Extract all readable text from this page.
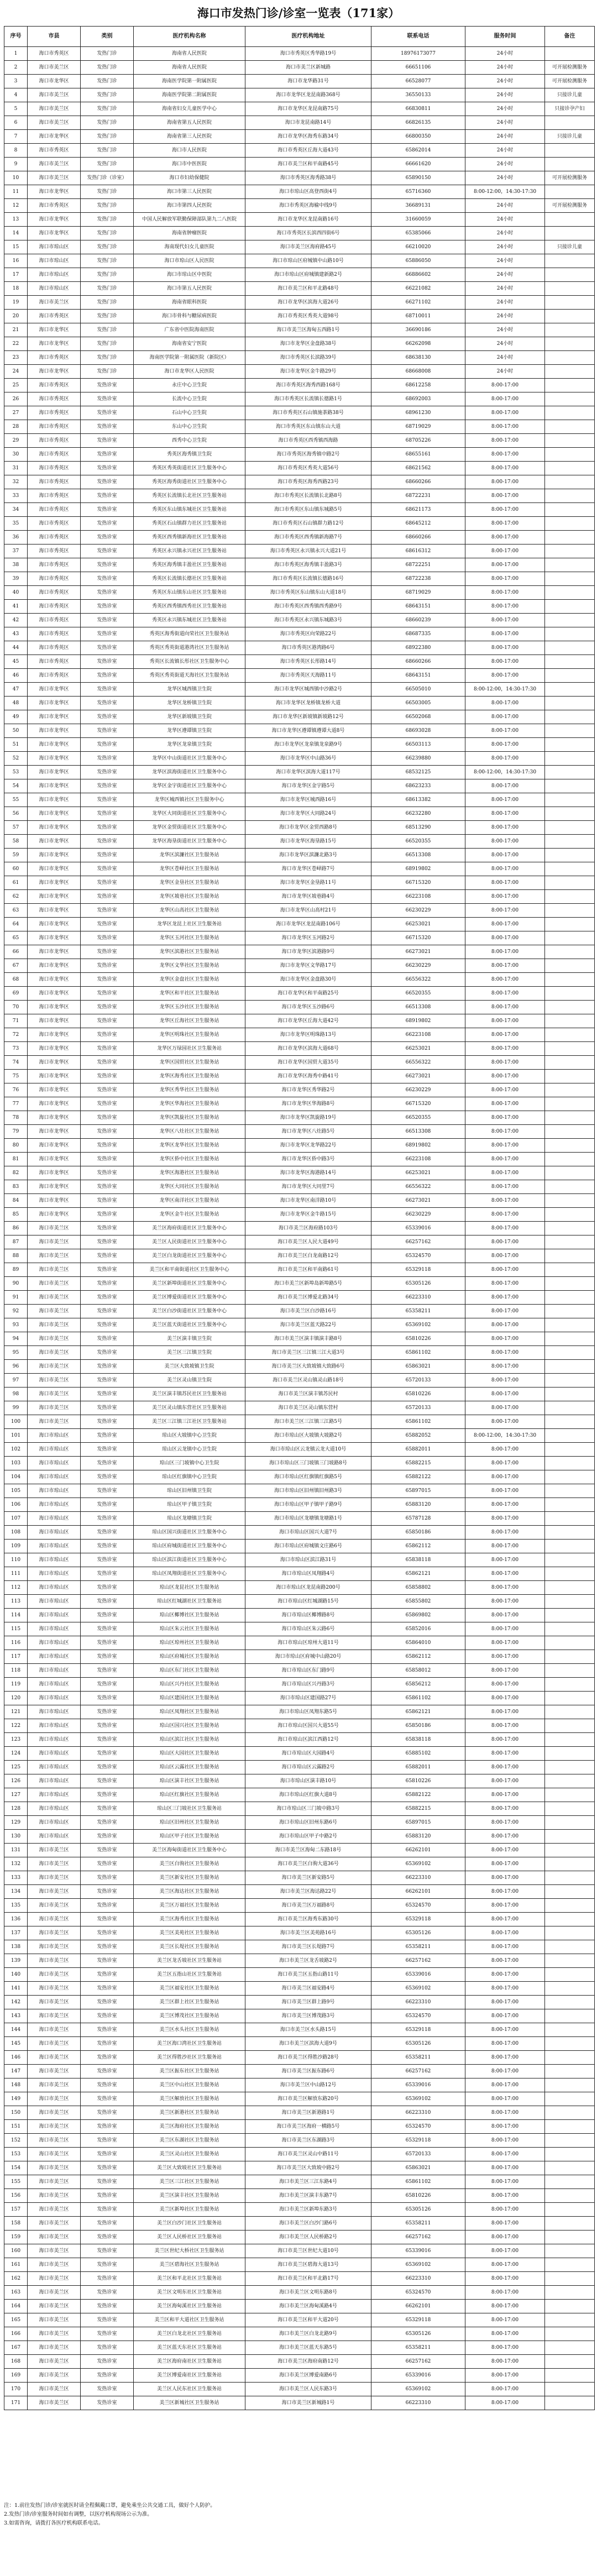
海口市发热门诊/诊室一览表（171家）
序号	市县	类别	医疗机构名称	医疗机构地址	联系电话	服务时间	备注
1	海口市秀英区	发热门诊	海南省人民医院	海口市秀英区秀华路19号	18976173077	24小时	
2	海口市美兰区	发热门诊	海南省人民医院	海口市美兰区新城路	66651106	24小时	可开展检测服务
3	海口市龙华区	发热门诊	海南医学院第一附属医院	海口市龙华路31号	66528077	24小时	可开展检测服务
4	海口市美兰区	发热门诊	海南医学院第二附属医院	海口市龙华区龙昆南路368号	36550133	24小时	只接诊儿童
5	海口市美兰区	发热门诊	海南省妇女儿童医学中心	海口市龙华区龙昆南路75号	66830811	24小时	只接诊孕产妇
6	海口市美兰区	发热门诊	海南省第五人民医院	海口市龙昆南路14号	66826135	24小时	
7	海口市龙华区	发热门诊	海南省第三人民医院	海口市龙华区海秀东路34号	66800350	24小时	只接诊儿童
8	海口市秀英区	发热门诊	海口市人民医院	海口市秀英区丘海大道43号	65862014	24小时	
9	海口市美兰区	发热门诊	海口市中医医院	海口市美兰区和平南路45号	66661620	24小时	
10	海口市美兰区	发热门诊（诊室）	海口市妇幼保健院	海口市秀英区海秀路38号	65890150	24小时	可开展检测服务
11	海口市龙华区	发热门诊	海口市第三人民医院	海口市琼山区高登西街4号	65716360	8:00-12:00，14:30-17:30	
12	海口市秀英区	发热门诊	海口市第四人民医院	海口市秀英区海榆中线9号	36689131	24小时	可开展检测服务
13	海口市龙华区	发热门诊	中国人民解放军联勤保障部队第九二八医院	海口市龙华区龙昆南路16号	31660059	24小时	
14	海口市龙华区	发热门诊	海南省肿瘤医院	海口市秀英区长滨西四街6号	65385066	24小时	
15	海口市琼山区	发热门诊	海南现代妇女儿童医院	海口市美兰区海府路45号	66210020	24小时	只接诊儿童
16	海口市琼山区	发热门诊	海口市琼山区人民医院	海口市琼山区府城镇中山路10号	65886050	24小时	
17	海口市琼山区	发热门诊	海口市琼山区中医院	海口市琼山区府城镇建新路2号	66886602	24小时	
18	海口市琼山区	发热门诊	海口市第五人民医院	海口市美兰区和平北路48号	66221082	24小时	
19	海口市美兰区	发热门诊	海南省眼科医院	海口市龙华区滨海大道26号	66271102	24小时	
20	海口市秀英区	发热门诊	海口市骨科与糖尿病医院	海口市秀英区秀英大道98号	68710011	24小时	
21	海口市龙华区	发热门诊	广东省中医院海南医院	海口市美兰区海甸五西路1号	36690186	24小时	
22	海口市龙华区	发热门诊	海南省安宁医院	海口市龙华区金盘路38号	66262098	24小时	
23	海口市秀英区	发热门诊	海南医学院第一附属医院（新院区）	海口市秀英区长滨路39号	68638130	24小时	
24	海口市龙华区	发热门诊	海口市龙华区人民医院	海口市龙华区金牛路29号	68668008	24小时	
25	海口市秀英区	发热诊室	永庄中心卫生院	海口市秀英区海秀西路168号	68612258	8:00-17:00	
26	海口市秀英区	发热诊室	长流中心卫生院	海口市秀英区长流镇长德路1号	68692003	8:00-17:00	
27	海口市秀英区	发热诊室	石山中心卫生院	海口市秀英区石山镇施茶路38号	68961230	8:00-17:00	
28	海口市秀英区	发热诊室	东山中心卫生院	海口市秀英区东山镇东山大道	68719029	8:00-17:00	
29	海口市秀英区	发热诊室	西秀中心卫生院	海口市秀英区西秀镇西海路	68705226	8:00-17:00	
30	海口市秀英区	发热诊室	秀英区海秀镇卫生院	海口市秀英区海秀镇中路2号	68655161	8:00-17:00	
31	海口市秀英区	发热诊室	秀英区秀英街道社区卫生服务中心	海口市秀英区秀英大道56号	68621562	8:00-17:00	
32	海口市秀英区	发热诊室	秀英区海秀街道社区卫生服务中心	海口市秀英区海秀西路23号	68660266	8:00-17:00	
33	海口市秀英区	发热诊室	秀英区长流镇长北社区卫生服务站	海口市秀英区长流镇长北路8号	68722231	8:00-17:00	
34	海口市秀英区	发热诊室	秀英区东山镇东城社区卫生服务站	海口市秀英区东山镇东城路5号	68621173	8:00-17:00	
35	海口市秀英区	发热诊室	秀英区石山镇群力社区卫生服务站	海口市秀英区石山镇群力路12号	68645212	8:00-17:00	
36	海口市秀英区	发热诊室	秀英区西秀镇新海社区卫生服务站	海口市秀英区西秀镇新海路7号	68660266	8:00-17:00	
37	海口市秀英区	发热诊室	秀英区永兴镇永兴社区卫生服务站	海口市秀英区永兴镇永兴大道21号	68616312	8:00-17:00	
38	海口市秀英区	发热诊室	秀英区海秀镇丰盈社区卫生服务站	海口市秀英区海秀镇丰盈路3号	68722251	8:00-17:00	
39	海口市秀英区	发热诊室	秀英区长流镇长德社区卫生服务站	海口市秀英区长流镇长德路16号	68722238	8:00-17:00	
40	海口市秀英区	发热诊室	秀英区东山镇东山社区卫生服务站	海口市秀英区东山镇东山大道18号	68719029	8:00-17:00	
41	海口市秀英区	发热诊室	秀英区西秀镇西秀社区卫生服务站	海口市秀英区西秀镇西秀路9号	68643151	8:00-17:00	
42	海口市秀英区	发热诊室	秀英区永兴镇东城社区卫生服务站	海口市秀英区永兴镇东城路3号	68660239	8:00-17:00	
43	海口市秀英区	发热诊室	秀英区海秀街道向荣社区卫生服务站	海口市秀英区向荣路22号	68687335	8:00-17:00	
44	海口市秀英区	发热诊室	秀英区秀英街道港湾社区卫生服务站	海口市秀英区港湾路6号	68922380	8:00-17:00	
45	海口市秀英区	发热诊室	秀英区长流镇长彤社区卫生服务中心	海口市秀英区长彤路14号	68660266	8:00-17:00	
46	海口市秀英区	发热诊室	秀英区秀英街道天海社区卫生服务站	海口市秀英区天海路11号	68643151	8:00-17:00	
47	海口市龙华区	发热诊室	龙华区城西镇卫生院	海口市龙华区城西镇中沙路2号	66505010	8:00-12:00，14:30-17:30	
48	海口市龙华区	发热诊室	龙华区龙桥镇卫生院	海口市龙华区龙桥镇龙桥大道	66503005	8:00-17:00	
49	海口市龙华区	发热诊室	龙华区新坡镇卫生院	海口市龙华区新坡镇新坡路12号	66502068	8:00-17:00	
50	海口市龙华区	发热诊室	龙华区遵谭镇卫生院	海口市龙华区遵谭镇遵谭大道8号	68693028	8:00-17:00	
51	海口市龙华区	发热诊室	龙华区龙泉镇卫生院	海口市龙华区龙泉镇龙泉路9号	66503113	8:00-17:00	
52	海口市龙华区	发热诊室	龙华区中山街道社区卫生服务中心	海口市龙华区中山路36号	66239880	8:00-17:00	
53	海口市龙华区	发热诊室	龙华区滨海街道社区卫生服务中心	海口市龙华区滨海大道117号	68532125	8:00-12:00，14:30-17:30	
54	海口市龙华区	发热诊室	龙华区金宇街道社区卫生服务中心	海口市龙华区金宇路5号	68623233	8:00-17:00	
55	海口市龙华区	发热诊室	龙华区城西镇社区卫生服务中心	海口市龙华区城西路16号	68613382	8:00-17:00	
56	海口市龙华区	发热诊室	龙华区大同街道社区卫生服务中心	海口市龙华区大同路24号	66232280	8:00-17:00	
57	海口市龙华区	发热诊室	龙华区金贸街道社区卫生服务中心	海口市龙华区金贸西路8号	68513290	8:00-17:00	
58	海口市龙华区	发热诊室	龙华区海垦街道社区卫生服务中心	海口市龙华区海垦路15号	66520355	8:00-17:00	
59	海口市龙华区	发热诊室	龙华区滨濂社区卫生服务站	海口市龙华区滨濂北路3号	66513308	8:00-17:00	
60	海口市龙华区	发热诊室	龙华区苍峄社区卫生服务站	海口市龙华区苍峄路7号	68919802	8:00-17:00	
61	海口市龙华区	发热诊室	龙华区金垦社区卫生服务站	海口市龙华区金垦路11号	66715320	8:00-17:00	
62	海口市龙华区	发热诊室	龙华区坡巷社区卫生服务站	海口市龙华区坡巷路4号	66223108	8:00-17:00	
63	海口市龙华区	发热诊室	龙华区山高社区卫生服务站	海口市龙华区山高村21号	66230229	8:00-17:00	
64	海口市龙华区	发热诊室	龙华区龙昆上社区卫生服务站	海口市龙华区龙昆南路106号	66253021	8:00-17:00	
65	海口市龙华区	发热诊室	龙华区玉河社区卫生服务站	海口市龙华区玉河路2号	66715320	8:00-17:00	
66	海口市龙华区	发热诊室	龙华区滨港社区卫生服务站	海口市龙华区滨港路9号	66273021	8:00-17:00	
67	海口市龙华区	发热诊室	龙华区文华社区卫生服务站	海口市龙华区文华路17号	66230229	8:00-17:00	
68	海口市龙华区	发热诊室	龙华区金盘社区卫生服务站	海口市龙华区金盘路30号	66556322	8:00-17:00	
69	海口市龙华区	发热诊室	龙华区和平社区卫生服务站	海口市龙华区和平南路25号	66520355	8:00-17:00	
70	海口市龙华区	发热诊室	龙华区玉沙社区卫生服务站	海口市龙华区玉沙路6号	66513308	8:00-17:00	
71	海口市龙华区	发热诊室	龙华区丘海社区卫生服务站	海口市龙华区丘海大道42号	68919802	8:00-17:00	
72	海口市龙华区	发热诊室	龙华区明珠社区卫生服务站	海口市龙华区明珠路13号	66223108	8:00-17:00	
73	海口市龙华区	发热诊室	龙华区万绿园社区卫生服务站	海口市龙华区滨海大道68号	66253021	8:00-17:00	
74	海口市龙华区	发热诊室	龙华区国贸社区卫生服务站	海口市龙华区国贸大道35号	66556322	8:00-17:00	
75	海口市龙华区	发热诊室	龙华区海秀社区卫生服务站	海口市龙华区海秀中路41号	66273021	8:00-17:00	
76	海口市龙华区	发热诊室	龙华区秀华社区卫生服务站	海口市龙华区秀华路2号	66230229	8:00-17:00	
77	海口市龙华区	发热诊室	龙华区华海社区卫生服务站	海口市龙华区华海路8号	66715320	8:00-17:00	
78	海口市龙华区	发热诊室	龙华区凯旋社区卫生服务站	海口市龙华区凯旋路19号	66520355	8:00-17:00	
79	海口市龙华区	发热诊室	龙华区八灶社区卫生服务站	海口市龙华区八灶路5号	66513308	8:00-17:00	
80	海口市龙华区	发热诊室	龙华区龙华社区卫生服务站	海口市龙华区龙华路22号	68919802	8:00-17:00	
81	海口市龙华区	发热诊室	龙华区侨中社区卫生服务站	海口市龙华区侨中路3号	66223108	8:00-17:00	
82	海口市龙华区	发热诊室	龙华区海港社区卫生服务站	海口市龙华区海港路14号	66253021	8:00-17:00	
83	海口市龙华区	发热诊室	龙华区大同社区卫生服务站	海口市龙华区大同里7号	66556322	8:00-17:00	
84	海口市龙华区	发热诊室	龙华区南洋社区卫生服务站	海口市龙华区南洋路10号	66273021	8:00-17:00	
85	海口市龙华区	发热诊室	龙华区金牛社区卫生服务站	海口市龙华区金牛路15号	66230229	8:00-17:00	
86	海口市美兰区	发热诊室	美兰区海府街道社区卫生服务中心	海口市美兰区海府路103号	65339016	8:00-17:00	
87	海口市美兰区	发热诊室	美兰区人民街道社区卫生服务中心	海口市美兰区人民大道49号	66257162	8:00-17:00	
88	海口市美兰区	发热诊室	美兰区白龙街道社区卫生服务中心	海口市美兰区白龙南路12号	65324570	8:00-17:00	
89	海口市美兰区	发热诊室	美兰区和平南街道社区卫生服务中心	海口市美兰区和平南路61号	65329118	8:00-17:00	
90	海口市美兰区	发热诊室	美兰区新埠街道社区卫生服务中心	海口市美兰区新埠岛新埠路5号	65305126	8:00-17:00	
91	海口市美兰区	发热诊室	美兰区博爱街道社区卫生服务中心	海口市美兰区博爱北路34号	66223310	8:00-17:00	
92	海口市美兰区	发热诊室	美兰区白沙街道社区卫生服务中心	海口市美兰区白沙路16号	65358211	8:00-17:00	
93	海口市美兰区	发热诊室	美兰区蓝天街道社区卫生服务中心	海口市美兰区蓝天路22号	65369102	8:00-17:00	
94	海口市美兰区	发热诊室	美兰区演丰镇卫生院	海口市美兰区演丰镇演丰路8号	65810226	8:00-17:00	
95	海口市美兰区	发热诊室	美兰区三江镇卫生院	海口市美兰区三江镇三江大道3号	65861102	8:00-17:00	
96	海口市美兰区	发热诊室	美兰区大致坡镇卫生院	海口市美兰区大致坡镇大致路6号	65863021	8:00-17:00	
97	海口市美兰区	发热诊室	美兰区灵山镇卫生院	海口市美兰区灵山镇灵山路18号	65720133	8:00-17:00	
98	海口市美兰区	发热诊室	美兰区演丰镇苏民社区卫生服务站	海口市美兰区演丰镇苏民村	65810226	8:00-17:00	
99	海口市美兰区	发热诊室	美兰区灵山镇东营社区卫生服务站	海口市美兰区灵山镇东营村	65720133	8:00-17:00	
100	海口市美兰区	发热诊室	美兰区三江镇三江社区卫生服务站	海口市美兰区三江镇三江路5号	65861102	8:00-17:00	
101	海口市琼山区	发热诊室	琼山区大坡镇中心卫生院	海口市琼山区大坡镇大坡路2号	65882052	8:00-12:00，14:30-17:30	
102	海口市琼山区	发热诊室	琼山区云龙镇中心卫生院	海口市琼山区云龙镇云龙大道10号	65882011	8:00-17:00	
103	海口市琼山区	发热诊室	琼山区三门坡镇中心卫生院	海口市琼山区三门坡镇三门坡路8号	65882215	8:00-17:00	
104	海口市琼山区	发热诊室	琼山区红旗镇中心卫生院	海口市琼山区红旗镇红旗路5号	65882122	8:00-17:00	
105	海口市琼山区	发热诊室	琼山区旧州镇卫生院	海口市琼山区旧州镇旧州路3号	65897015	8:00-17:00	
106	海口市琼山区	发热诊室	琼山区甲子镇卫生院	海口市琼山区甲子镇甲子路9号	65883120	8:00-17:00	
107	海口市琼山区	发热诊室	琼山区龙塘镇卫生院	海口市琼山区龙塘镇龙塘路1号	65787128	8:00-17:00	
108	海口市琼山区	发热诊室	琼山区国兴街道社区卫生服务中心	海口市琼山区国兴大道7号	65850186	8:00-17:00	
109	海口市琼山区	发热诊室	琼山区府城街道社区卫生服务中心	海口市琼山区府城镇文庄路6号	65862112	8:00-17:00	
110	海口市琼山区	发热诊室	琼山区滨江街道社区卫生服务中心	海口市琼山区滨江路31号	65838118	8:00-17:00	
111	海口市琼山区	发热诊室	琼山区凤翔街道社区卫生服务中心	海口市琼山区凤翔路4号	65862121	8:00-17:00	
112	海口市琼山区	发热诊室	琼山区龙昆社区卫生服务站	海口市琼山区龙昆南路200号	65858802	8:00-17:00	
113	海口市琼山区	发热诊室	琼山区红城湖社区卫生服务站	海口市琼山区红城湖路15号	65855802	8:00-17:00	
114	海口市琼山区	发热诊室	琼山区椰博社区卫生服务站	海口市琼山区椰博路8号	65869802	8:00-17:00	
115	海口市琼山区	发热诊室	琼山区朱云社区卫生服务站	海口市琼山区朱云路6号	65852016	8:00-17:00	
116	海口市琼山区	发热诊室	琼山区琼州社区卫生服务站	海口市琼山区琼州大道11号	65864010	8:00-17:00	
117	海口市琼山区	发热诊室	琼山区府城社区卫生服务站	海口市琼山区府城中山路20号	65862112	8:00-17:00	
118	海口市琼山区	发热诊室	琼山区东门社区卫生服务站	海口市琼山区东门路9号	65858012	8:00-17:00	
119	海口市琼山区	发热诊室	琼山区兴丹社区卫生服务站	海口市琼山区兴丹路3号	65856212	8:00-17:00	
120	海口市琼山区	发热诊室	琼山区建国社区卫生服务站	海口市琼山区建国路27号	65861102	8:00-17:00	
121	海口市琼山区	发热诊室	琼山区凤翔社区卫生服务站	海口市琼山区凤翔东路5号	65862121	8:00-17:00	
122	海口市琼山区	发热诊室	琼山区国兴社区卫生服务站	海口市琼山区国兴大道55号	65850186	8:00-17:00	
123	海口市琼山区	发热诊室	琼山区滨江社区卫生服务站	海口市琼山区滨江西路12号	65838118	8:00-17:00	
124	海口市琼山区	发热诊室	琼山区大园社区卫生服务站	海口市琼山区大园路4号	65885102	8:00-17:00	
125	海口市琼山区	发热诊室	琼山区云露社区卫生服务站	海口市琼山区云露路2号	65882011	8:00-17:00	
126	海口市琼山区	发热诊室	琼山区演丰社区卫生服务站	海口市琼山区演丰路10号	65810226	8:00-17:00	
127	海口市琼山区	发热诊室	琼山区红旗社区卫生服务站	海口市琼山区红旗大道8号	65882122	8:00-17:00	
128	海口市琼山区	发热诊室	琼山区三门坡社区卫生服务站	海口市琼山区三门坡中路3号	65882215	8:00-17:00	
129	海口市琼山区	发热诊室	琼山区旧州社区卫生服务站	海口市琼山区旧州东路6号	65897015	8:00-17:00	
130	海口市琼山区	发热诊室	琼山区甲子社区卫生服务站	海口市琼山区甲子中路2号	65883120	8:00-17:00	
131	海口市美兰区	发热诊室	美兰区海甸街道社区卫生服务中心	海口市美兰区海甸二东路18号	66262101	8:00-17:00	
132	海口市美兰区	发热诊室	美兰区白驹社区卫生服务站	海口市美兰区白驹大道36号	65369102	8:00-17:00	
133	海口市美兰区	发热诊室	美兰区新安社区卫生服务站	海口市美兰区新安路5号	66223310	8:00-17:00	
134	海口市美兰区	发热诊室	美兰区海达社区卫生服务站	海口市美兰区海达路22号	66262101	8:00-17:00	
135	海口市美兰区	发热诊室	美兰区万福社区卫生服务站	海口市美兰区万福路8号	65324570	8:00-17:00	
136	海口市美兰区	发热诊室	美兰区海秀社区卫生服务站	海口市美兰区海秀东路30号	65329118	8:00-17:00	
137	海口市美兰区	发热诊室	美兰区美苑社区卫生服务站	海口市美兰区美苑路16号	65305126	8:00-17:00	
138	海口市美兰区	发热诊室	美兰区长堤社区卫生服务站	海口市美兰区长堤路7号	65358211	8:00-17:00	
139	海口市美兰区	发热诊室	美兰区龙舌坡社区卫生服务站	海口市美兰区龙舌坡路2号	66257162	8:00-17:00	
140	海口市美兰区	发热诊室	美兰区五指山社区卫生服务站	海口市美兰区五指山路11号	65339016	8:00-17:00	
141	海口市美兰区	发热诊室	美兰区福安社区卫生服务站	海口市美兰区福安路4号	65369102	8:00-17:00	
142	海口市美兰区	发热诊室	美兰区群上社区卫生服务站	海口市美兰区群上路9号	66223310	8:00-17:00	
143	海口市美兰区	发热诊室	美兰区博茂社区卫生服务站	海口市美兰区博茂路3号	65324570	8:00-17:00	
144	海口市美兰区	发热诊室	美兰区水头社区卫生服务站	海口市美兰区水头路15号	65329118	8:00-17:00	
145	海口市美兰区	发热诊室	美兰区海口湾社区卫生服务站	海口市美兰区滨海大道9号	65305126	8:00-17:00	
146	海口市美兰区	发热诊室	美兰区得胜沙社区卫生服务站	海口市美兰区得胜沙路28号	65358211	8:00-17:00	
147	海口市美兰区	发热诊室	美兰区振东社区卫生服务站	海口市美兰区振东路6号	66257162	8:00-17:00	
148	海口市美兰区	发热诊室	美兰区中山社区卫生服务站	海口市美兰区中山路12号	65339016	8:00-17:00	
149	海口市美兰区	发热诊室	美兰区解放社区卫生服务站	海口市美兰区解放东路20号	65369102	8:00-17:00	
150	海口市美兰区	发热诊室	美兰区新港社区卫生服务站	海口市美兰区新港路1号	66223310	8:00-17:00	
151	海口市美兰区	发热诊室	美兰区海府社区卫生服务站	海口市美兰区海府一横路5号	65324570	8:00-17:00	
152	海口市美兰区	发热诊室	美兰区东湖社区卫生服务站	海口市美兰区东湖路3号	65329118	8:00-17:00	
153	海口市美兰区	发热诊室	美兰区灵山社区卫生服务站	海口市美兰区灵山中路11号	65720133	8:00-17:00	
154	海口市美兰区	发热诊室	美兰区大致坡社区卫生服务站	海口市美兰区大致坡中路2号	65863021	8:00-17:00	
155	海口市美兰区	发热诊室	美兰区三江社区卫生服务站	海口市美兰区三江东路4号	65861102	8:00-17:00	
156	海口市美兰区	发热诊室	美兰区演丰社区卫生服务站	海口市美兰区演丰东路7号	65810226	8:00-17:00	
157	海口市美兰区	发热诊室	美兰区新埠社区卫生服务站	海口市美兰区新埠东路3号	65305126	8:00-17:00	
158	海口市美兰区	发热诊室	美兰区白沙门社区卫生服务站	海口市美兰区白沙门路6号	65358211	8:00-17:00	
159	海口市美兰区	发热诊室	美兰区人民桥社区卫生服务站	海口市美兰区人民桥路2号	66257162	8:00-17:00	
160	海口市美兰区	发热诊室	美兰区世纪大桥社区卫生服务站	海口市美兰区世纪大道10号	65339016	8:00-17:00	
161	海口市美兰区	发热诊室	美兰区碧海社区卫生服务站	海口市美兰区碧海大道13号	65369102	8:00-17:00	
162	海口市美兰区	发热诊室	美兰区和平北社区卫生服务站	海口市美兰区和平北路17号	66223310	8:00-17:00	
163	海口市美兰区	发热诊室	美兰区文明东社区卫生服务站	海口市美兰区文明东路8号	65324570	8:00-17:00	
164	海口市美兰区	发热诊室	美兰区海甸溪社区卫生服务站	海口市美兰区海甸溪路4号	66262101	8:00-17:00	
165	海口市美兰区	发热诊室	美兰区和平大道社区卫生服务站	海口市美兰区和平大道20号	65329118	8:00-17:00	
166	海口市美兰区	发热诊室	美兰区白龙北社区卫生服务站	海口市美兰区白龙北路9号	65305126	8:00-17:00	
167	海口市美兰区	发热诊室	美兰区蓝天东社区卫生服务站	海口市美兰区蓝天东路5号	65358211	8:00-17:00	
168	海口市美兰区	发热诊室	美兰区海府南社区卫生服务站	海口市美兰区海府南路12号	66257162	8:00-17:00	
169	海口市美兰区	发热诊室	美兰区博爱南社区卫生服务站	海口市美兰区博爱南路6号	65339016	8:00-17:00	
170	海口市美兰区	发热诊室	美兰区人民东社区卫生服务站	海口市美兰区人民东路3号	65369102	8:00-17:00	
171	海口市美兰区	发热诊室	美兰区新城社区卫生服务站	海口市美兰区新城路1号	66223310	8:00-17:00	
注：1.前往发热门诊/诊室就医时请全程佩戴口罩，避免乘坐公共交通工具，做好个人防护。
2.发热门诊/诊室服务时间如有调整，以医疗机构现场公示为准。
3.如需咨询，请拨打各医疗机构联系电话。
